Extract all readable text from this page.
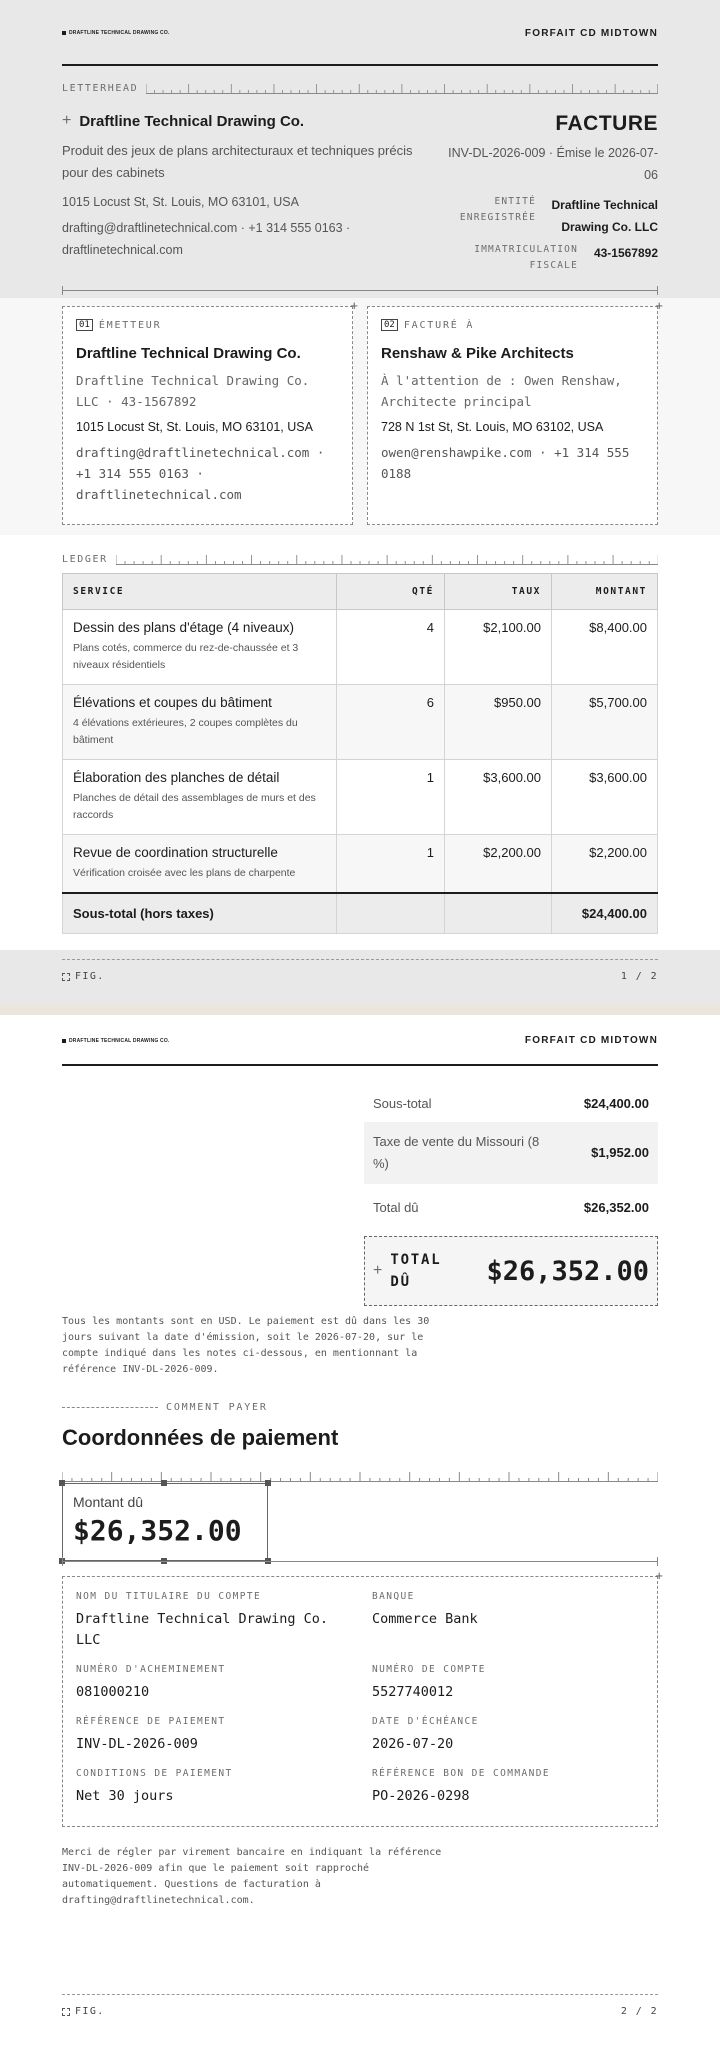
DRAFTLINE TECHNICAL DRAWING CO.	FORFAIT CD MIDTOWN
LETTERHEAD
+ Draftline Technical Drawing Co.
Produit des jeux de plans architecturaux et techniques précis pour des cabinets
1015 Locust St, St. Louis, MO 63101, USA
drafting@draftlinetechnical.com · +1 314 555 0163 · draftlinetechnical.com
FACTURE
INV-DL-2026-009 · Émise le 2026-07-06
ENTITÉ ENREGISTRÉE
Draftline Technical Drawing Co. LLC
IMMATRICULATION FISCALE
43-1567892
+
01 ÉMETTEUR
Draftline Technical Drawing Co.
Draftline Technical Drawing Co. LLC · 43-1567892
1015 Locust St, St. Louis, MO 63101, USA
drafting@draftlinetechnical.com · +1 314 555 0163 · draftlinetechnical.com
+
02 FACTURÉ À
Renshaw & Pike Architects
À l'attention de : Owen Renshaw, Architecte principal
728 N 1st St, St. Louis, MO 63102, USA
owen@renshawpike.com · +1 314 555 0188
LEDGER
SERVICE	QTÉ	TAUX	MONTANT

Dessin des plans d'étage (4 niveaux)
Plans cotés, commerce du rez-de-chaussée et 3 niveaux résidentiels	4	$2,100.00	$8,400.00

Élévations et coupes du bâtiment
4 élévations extérieures, 2 coupes complètes du bâtiment	6	$950.00	$5,700.00

Élaboration des planches de détail
Planches de détail des assemblages de murs et des raccords	1	$3,600.00	$3,600.00

Revue de coordination structurelle
Vérification croisée avec les plans de charpente	1	$2,200.00	$2,200.00
Sous-total (hors taxes)			$24,400.00
FIG.	1 / 2
DRAFTLINE TECHNICAL DRAWING CO.	FORFAIT CD MIDTOWN
Sous-total	$24,400.00
Taxe de vente du Missouri (8 %)
$1,952.00
Total dû	$26,352.00
+
TOTAL DÛ	$26,352.00
Tous les montants sont en USD. Le paiement est dû dans les 30 jours suivant la date d'émission, soit le 2026-07-20, sur le compte indiqué dans les notes ci-dessous, en mentionnant la référence INV-DL-2026-009.
COMMENT PAYER
Coordonnées de paiement
Montant dû
$26,352.00
+
NOM DU TITULAIRE DU COMPTE
Draftline Technical Drawing Co. LLC
BANQUE
Commerce Bank
NUMÉRO D'ACHEMINEMENT
081000210
NUMÉRO DE COMPTE
5527740012
RÉFÉRENCE DE PAIEMENT
INV-DL-2026-009
DATE D'ÉCHÉANCE
2026-07-20
CONDITIONS DE PAIEMENT
Net 30 jours
RÉFÉRENCE BON DE COMMANDE
PO-2026-0298
Merci de régler par virement bancaire en indiquant la référence INV-DL-2026-009 afin que le paiement soit rapproché automatiquement. Questions de facturation à drafting@draftlinetechnical.com.
FIG.	2 / 2
